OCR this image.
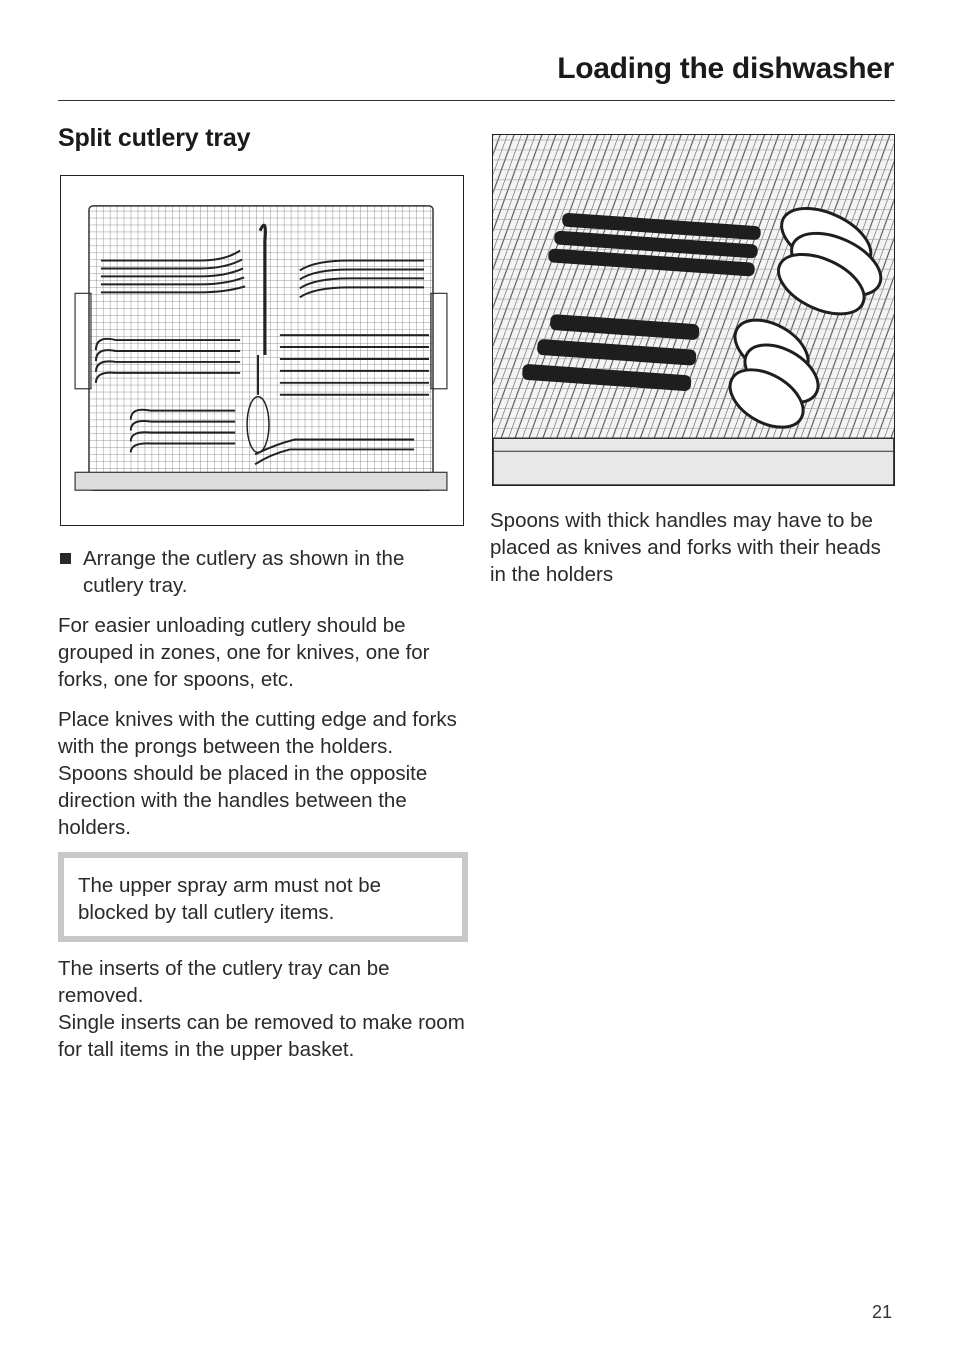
Loading the dishwasher
Split cutlery tray

Arrange the cutlery as shown in the cutlery tray.

For easier unloading cutlery should be grouped in zones, one for knives, one for forks, one for spoons, etc.

Place knives with the cutting edge and forks with the prongs between the holders. Spoons should be placed in the opposite direction with the handles between the holders.

The upper spray arm must not be blocked by tall cutlery items.

The inserts of the cutlery tray can be removed.

Single inserts can be removed to make room for tall items in the upper basket.

Spoons with thick handles may have to be placed as knives and forks with their heads in the holders

21
